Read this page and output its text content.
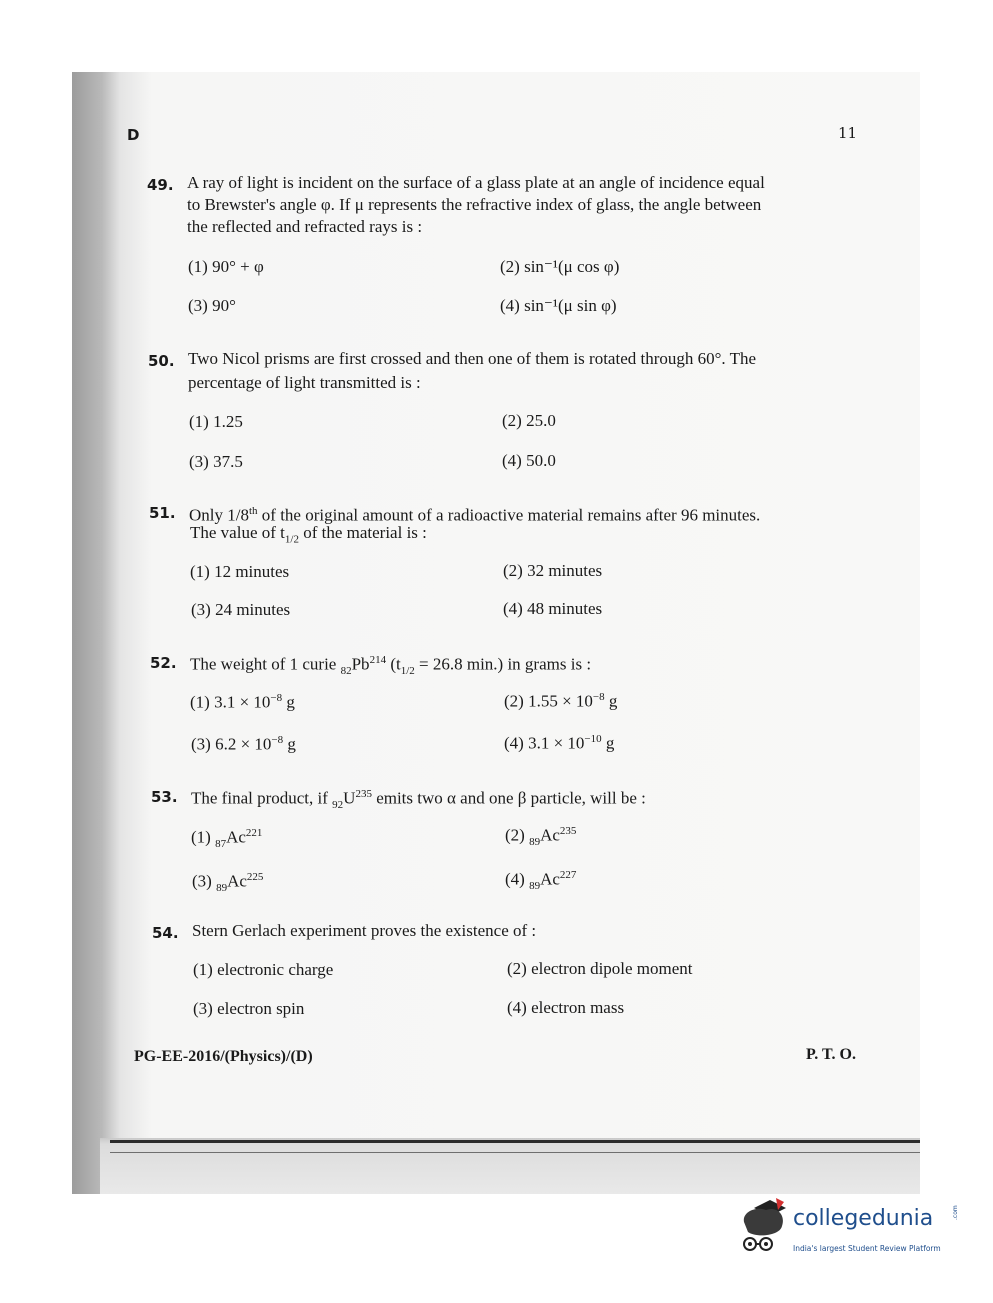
D	11
49. A ray of light is incident on the surface of a glass plate at an angle of incidence equal
to Brewster's angle φ. If μ represents the refractive index of glass, the angle between
the reflected and refracted rays is :
(1) 90° + φ	(2) sin⁻¹(μ cos φ)
(3) 90°	(4) sin⁻¹(μ sin φ)
50. Two Nicol prisms are first crossed and then one of them is rotated through 60°. The
percentage of light transmitted is :
(1) 1.25	(2) 25.0
(3) 37.5	(4) 50.0
51. Only 1/8th of the original amount of a radioactive material remains after 96 minutes.
The value of $t_{1/2}$ of the material is :
(1) 12 minutes	(2) 32 minutes
(3) 24 minutes	(4) 48 minutes
52. The weight of 1 curie $_{82}Pb^{214}$ ($t_{1/2} = 26.8$ min.) in grams is :
(1) $3.1 \times 10^{-8}$ g	(2) $1.55 \times 10^{-8}$ g
(3) $6.2 \times 10^{-8}$ g	(4) $3.1 \times 10^{-10}$ g
53. The final product, if $_{92}U^{235}$ emits two α and one β particle, will be :
(1) $_{87}Ac^{221}$	(2) $_{89}Ac^{235}$
(3) $_{89}Ac^{225}$	(4) $_{89}Ac^{227}$
54. Stern Gerlach experiment proves the existence of :
(1) electronic charge	(2) electron dipole moment
(3) electron spin	(4) electron mass
PG-EE-2016/(Physics)/(D)	P. T. O.
collegedunia	.com
India's largest Student Review Platform
